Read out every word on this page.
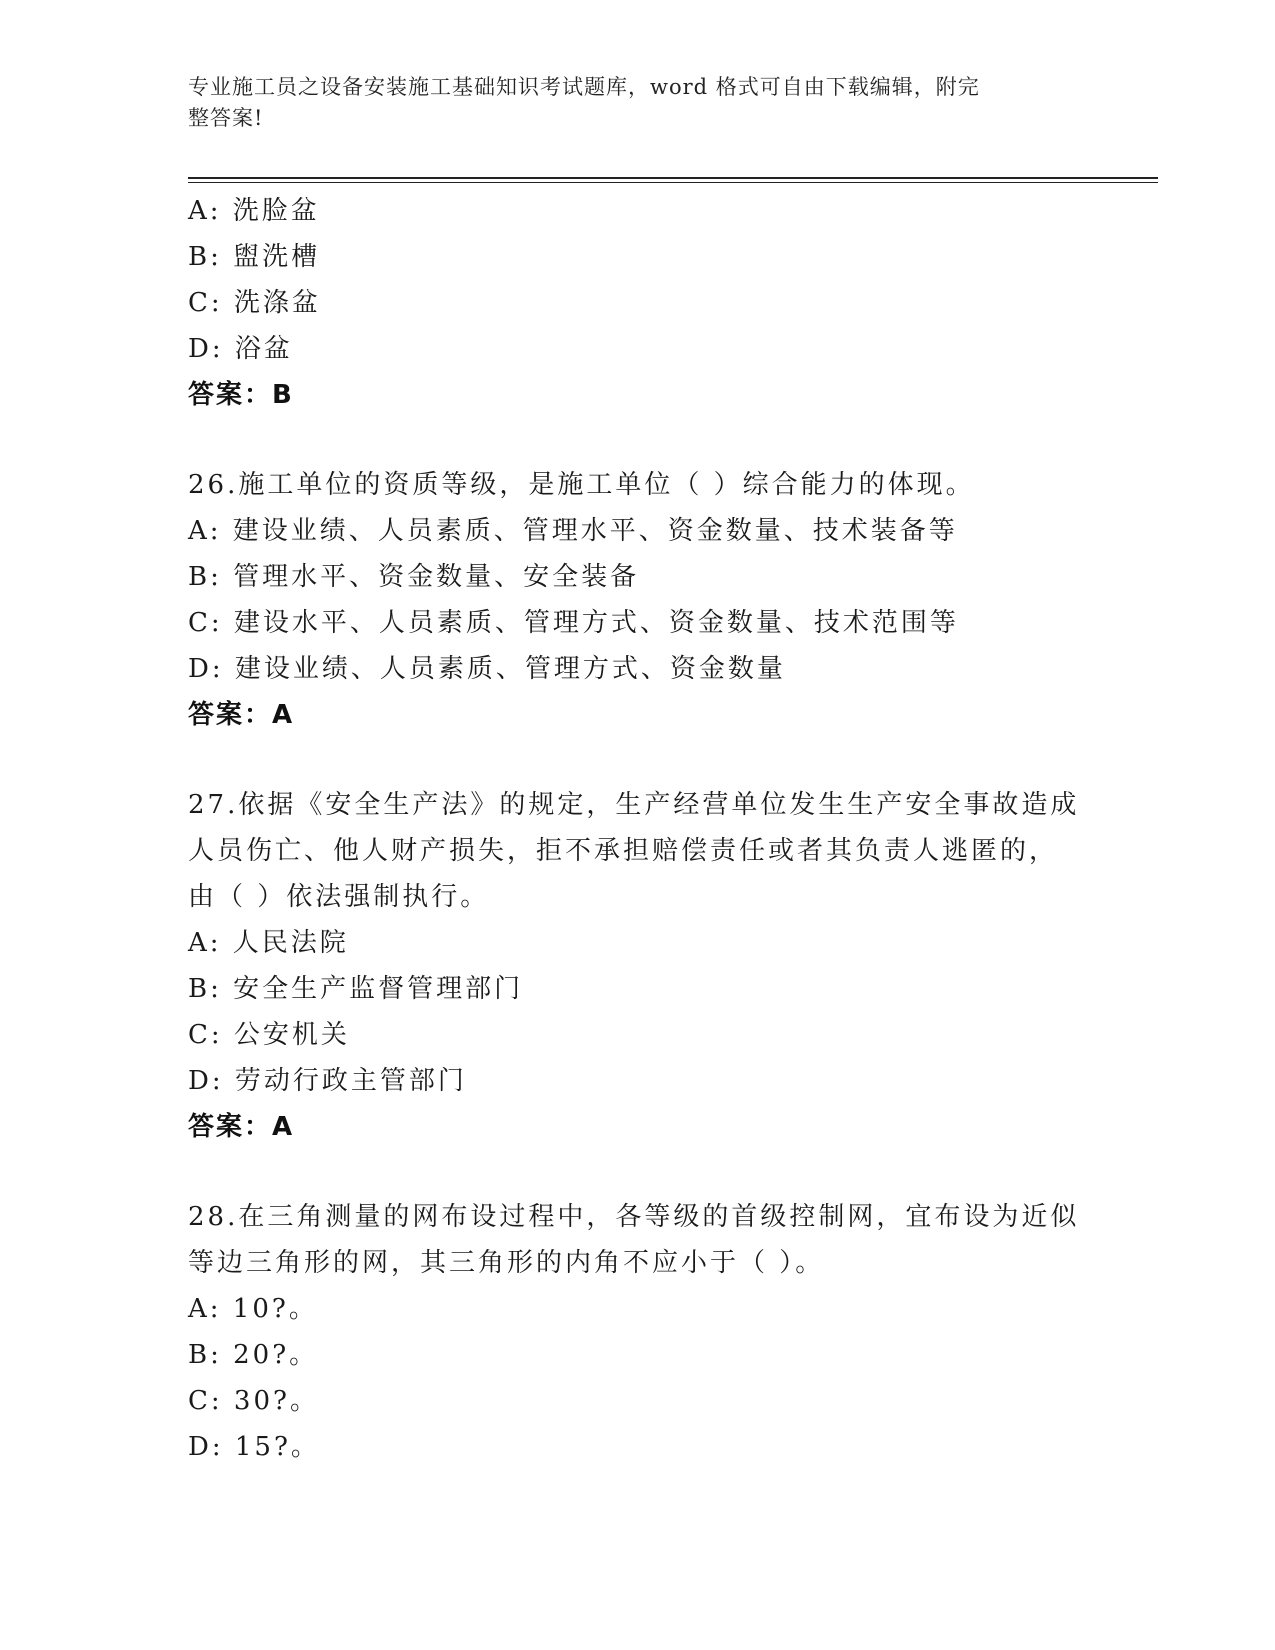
专业施工员之设备安装施工基础知识考试题库，word 格式可自由下载编辑，附完
整答案!
A: 洗脸盆
B: 盥洗槽
C: 洗涤盆
D: 浴盆
答案：B
26.施工单位的资质等级，是施工单位（ ）综合能力的体现。
A: 建设业绩、人员素质、管理水平、资金数量、技术装备等
B: 管理水平、资金数量、安全装备
C: 建设水平、人员素质、管理方式、资金数量、技术范围等
D: 建设业绩、人员素质、管理方式、资金数量
答案：A
27.依据《安全生产法》的规定，生产经营单位发生生产安全事故造成
人员伤亡、他人财产损失，拒不承担赔偿责任或者其负责人逃匿的，
由（ ）依法强制执行。
A: 人民法院
B: 安全生产监督管理部门
C: 公安机关
D: 劳动行政主管部门
答案：A
28.在三角测量的网布设过程中，各等级的首级控制网，宜布设为近似
等边三角形的网，其三角形的内角不应小于（ ）。
A: 10?。
B: 20?。
C: 30?。
D: 15?。
